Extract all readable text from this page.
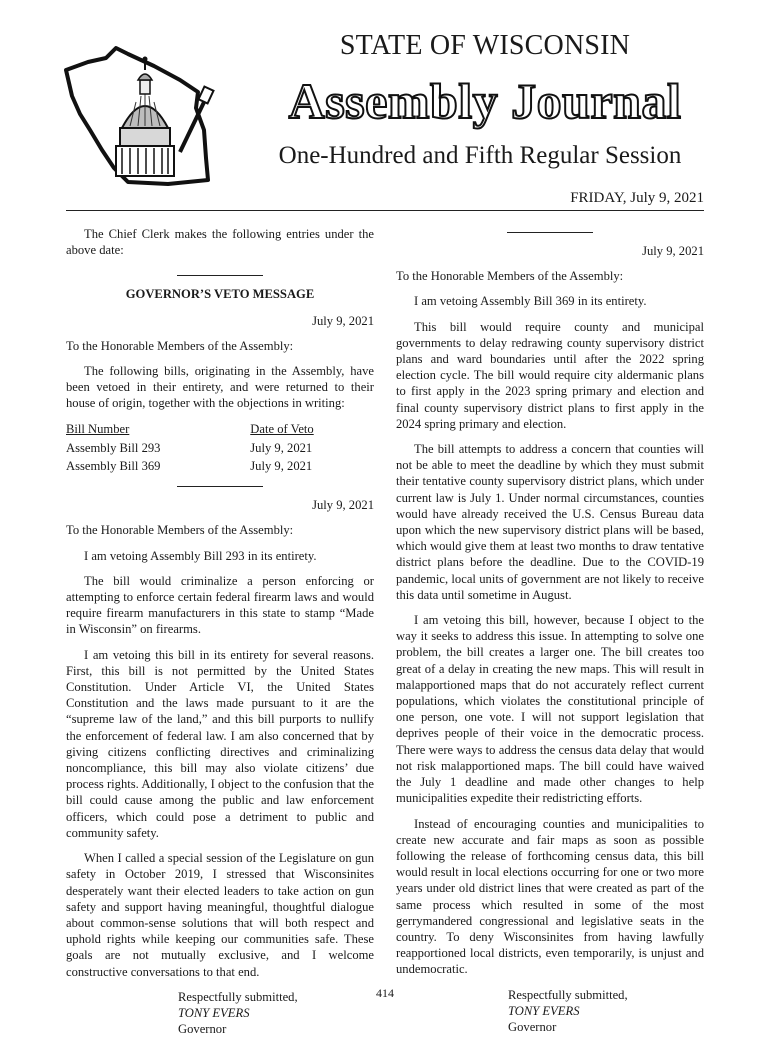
STATE OF WISCONSIN
Assembly Journal
One-Hundred and Fifth Regular Session
FRIDAY, July 9, 2021

The Chief Clerk makes the following entries under the above date:

GOVERNOR’S VETO MESSAGE
July 9, 2021

To the Honorable Members of the Assembly:

The following bills, originating in the Assembly, have been vetoed in their entirety, and were returned to their house of origin, together with the objections in writing:

Bill Number	Date of Veto
Assembly Bill 293	July 9, 2021
Assembly Bill 369	July 9, 2021
July 9, 2021

To the Honorable Members of the Assembly:

I am vetoing Assembly Bill 293 in its entirety.

The bill would criminalize a person enforcing or attempting to enforce certain federal firearm laws and would require firearm manufacturers in this state to stamp “Made in Wisconsin” on firearms.

I am vetoing this bill in its entirety for several reasons. First, this bill is not permitted by the United States Constitution. Under Article VI, the United States Constitution and the laws made pursuant to it are the “supreme law of the land,” and this bill purports to nullify the enforcement of federal law. I am also concerned that by giving citizens conflicting directives and criminalizing noncompliance, this bill may also violate citizens’ due process rights. Additionally, I object to the confusion that the bill could cause among the public and law enforcement officers, which could pose a detriment to public and community safety.

When I called a special session of the Legislature on gun safety in October 2019, I stressed that Wisconsinites desperately want their elected leaders to take action on gun safety and support having meaningful, thoughtful dialogue about common-sense solutions that will both respect and uphold rights while keeping our communities safe. These goals are not mutually exclusive, and I welcome constructive conversations to that end.

Respectfully submitted,
TONY EVERS
Governor
July 9, 2021

To the Honorable Members of the Assembly:

I am vetoing Assembly Bill 369 in its entirety.

This bill would require county and municipal governments to delay redrawing county supervisory district plans and ward boundaries until after the 2022 spring election cycle. The bill would require city aldermanic plans to first apply in the 2023 spring primary and election and final county supervisory district plans to first apply in the 2024 spring primary and election.

The bill attempts to address a concern that counties will not be able to meet the deadline by which they must submit their tentative county supervisory district plans, which under current law is July 1. Under normal circumstances, counties would have already received the U.S. Census Bureau data upon which the new supervisory district plans will be based, which would give them at least two months to draw tentative district plans before the deadline. Due to the COVID-19 pandemic, local units of government are not likely to receive this data until sometime in August.

I am vetoing this bill, however, because I object to the way it seeks to address this issue. In attempting to solve one problem, the bill creates a larger one. The bill creates too great of a delay in creating the new maps. This will result in malapportioned maps that do not accurately reflect current populations, which violates the constitutional principle of one person, one vote. I will not support legislation that deprives people of their voice in the democratic process. There were ways to address the census data delay that would not risk malapportioned maps. The bill could have waived the July 1 deadline and made other changes to help municipalities expedite their redistricting efforts.

Instead of encouraging counties and municipalities to create new accurate and fair maps as soon as possible following the release of forthcoming census data, this bill would result in local elections occurring for one or two more years under old district lines that were created as part of the same process which resulted in some of the most gerrymandered congressional and legislative seats in the country. To deny Wisconsinites from having lawfully reapportioned local districts, even temporarily, is unjust and undemocratic.

Respectfully submitted,
TONY EVERS
Governor
414
